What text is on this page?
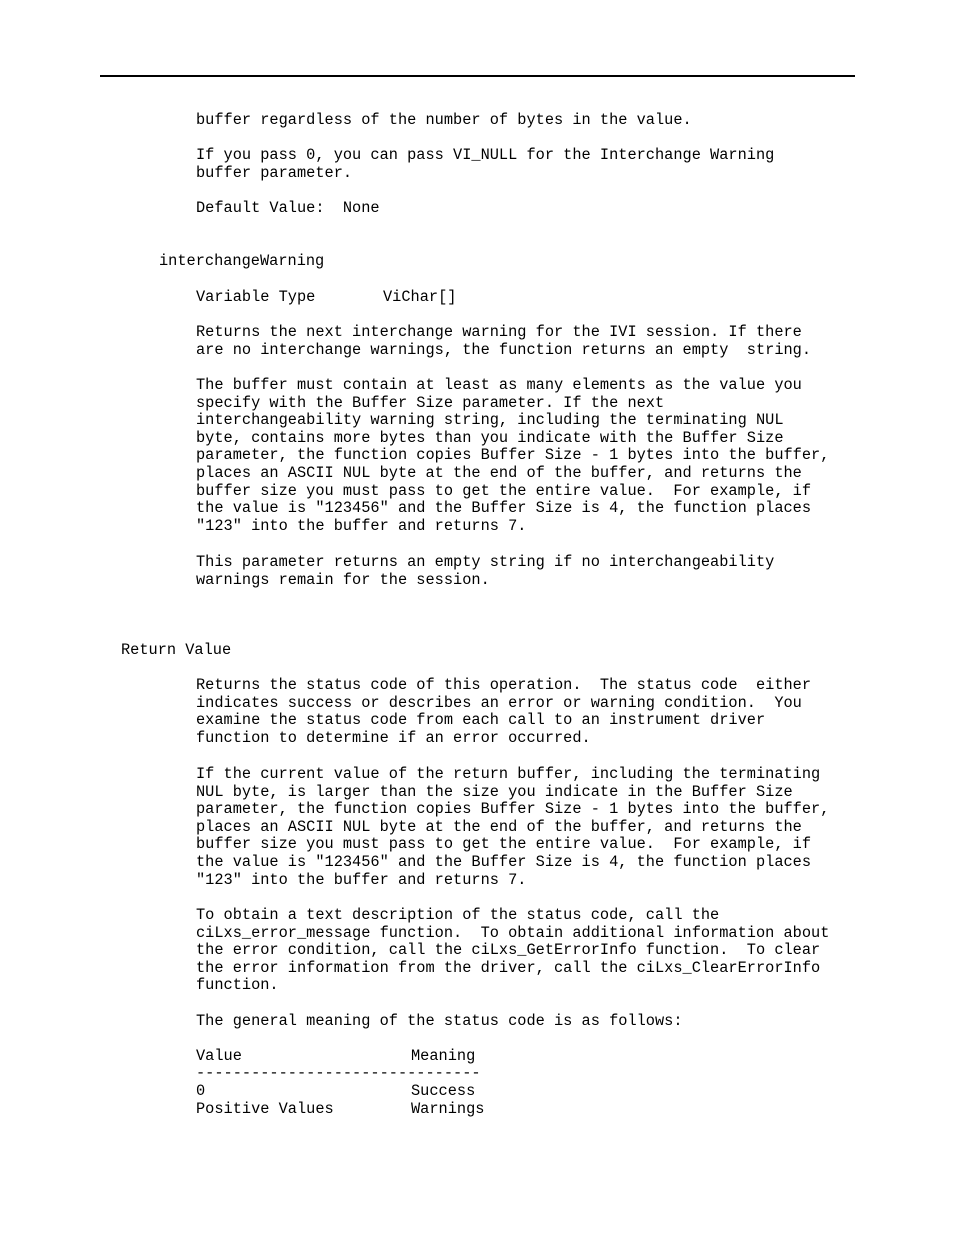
buffer regardless of the number of bytes in the value.
If you pass 0, you can pass VI_NULL for the Interchange Warning
buffer parameter.
Default Value:  None
interchangeWarning
Variable Type	ViChar[]
Returns the next interchange warning for the IVI session. If there
are no interchange warnings, the function returns an empty  string.
The buffer must contain at least as many elements as the value you
specify with the Buffer Size parameter. If the next
interchangeability warning string, including the terminating NUL
byte, contains more bytes than you indicate with the Buffer Size
parameter, the function copies Buffer Size - 1 bytes into the buffer,
places an ASCII NUL byte at the end of the buffer, and returns the
buffer size you must pass to get the entire value.  For example, if
the value is "123456" and the Buffer Size is 4, the function places
"123" into the buffer and returns 7.
This parameter returns an empty string if no interchangeability
warnings remain for the session.
Return Value
Returns the status code of this operation.  The status code  either
indicates success or describes an error or warning condition.  You
examine the status code from each call to an instrument driver
function to determine if an error occurred.
If the current value of the return buffer, including the terminating
NUL byte, is larger than the size you indicate in the Buffer Size
parameter, the function copies Buffer Size - 1 bytes into the buffer,
places an ASCII NUL byte at the end of the buffer, and returns the
buffer size you must pass to get the entire value.  For example, if
the value is "123456" and the Buffer Size is 4, the function places
"123" into the buffer and returns 7.
To obtain a text description of the status code, call the
ciLxs_error_message function.  To obtain additional information about
the error condition, call the ciLxs_GetErrorInfo function.  To clear
the error information from the driver, call the ciLxs_ClearErrorInfo
function.
The general meaning of the status code is as follows:
Value	Meaning
-------------------------------
0	Success
Positive Values	Warnings
